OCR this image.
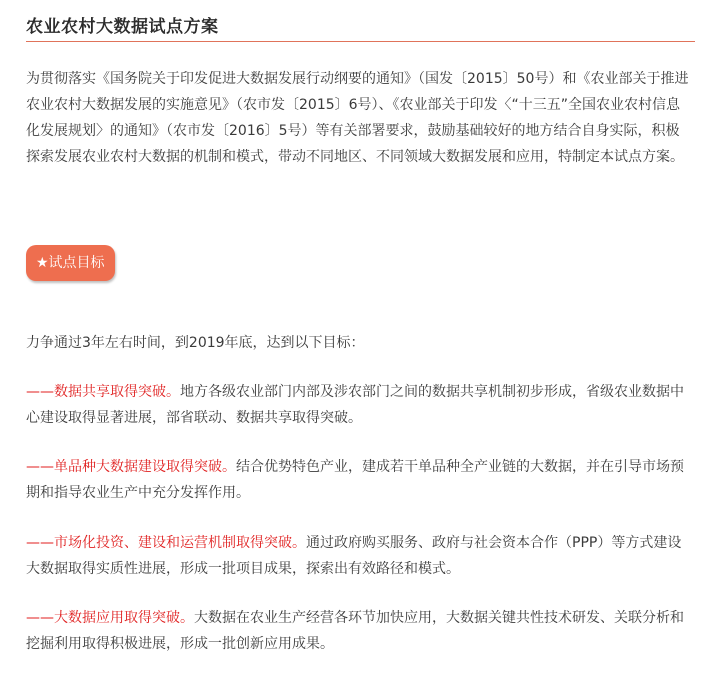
农业农村大数据试点方案

为贯彻落实《国务院关于印发促进大数据发展行动纲要的通知》（国发〔2015〕50号）和《农业部关于推进农业农村大数据发展的实施意见》（农市发〔2015〕6号）、《农业部关于印发〈“十三五”全国农业农村信息化发展规划〉的通知》（农市发〔2016〕5号）等有关部署要求，鼓励基础较好的地方结合自身实际，积极探索发展农业农村大数据的机制和模式，带动不同地区、不同领域大数据发展和应用，特制定本试点方案。

★试点目标

力争通过3年左右时间，到2019年底，达到以下目标：

——数据共享取得突破。地方各级农业部门内部及涉农部门之间的数据共享机制初步形成，省级农业数据中心建设取得显著进展，部省联动、数据共享取得突破。

——单品种大数据建设取得突破。结合优势特色产业，建成若干单品种全产业链的大数据，并在引导市场预期和指导农业生产中充分发挥作用。

——市场化投资、建设和运营机制取得突破。通过政府购买服务、政府与社会资本合作（PPP）等方式建设大数据取得实质性进展，形成一批项目成果，探索出有效路径和模式。

——大数据应用取得突破。大数据在农业生产经营各环节加快应用，大数据关键共性技术研发、关联分析和挖掘利用取得积极进展，形成一批创新应用成果。
